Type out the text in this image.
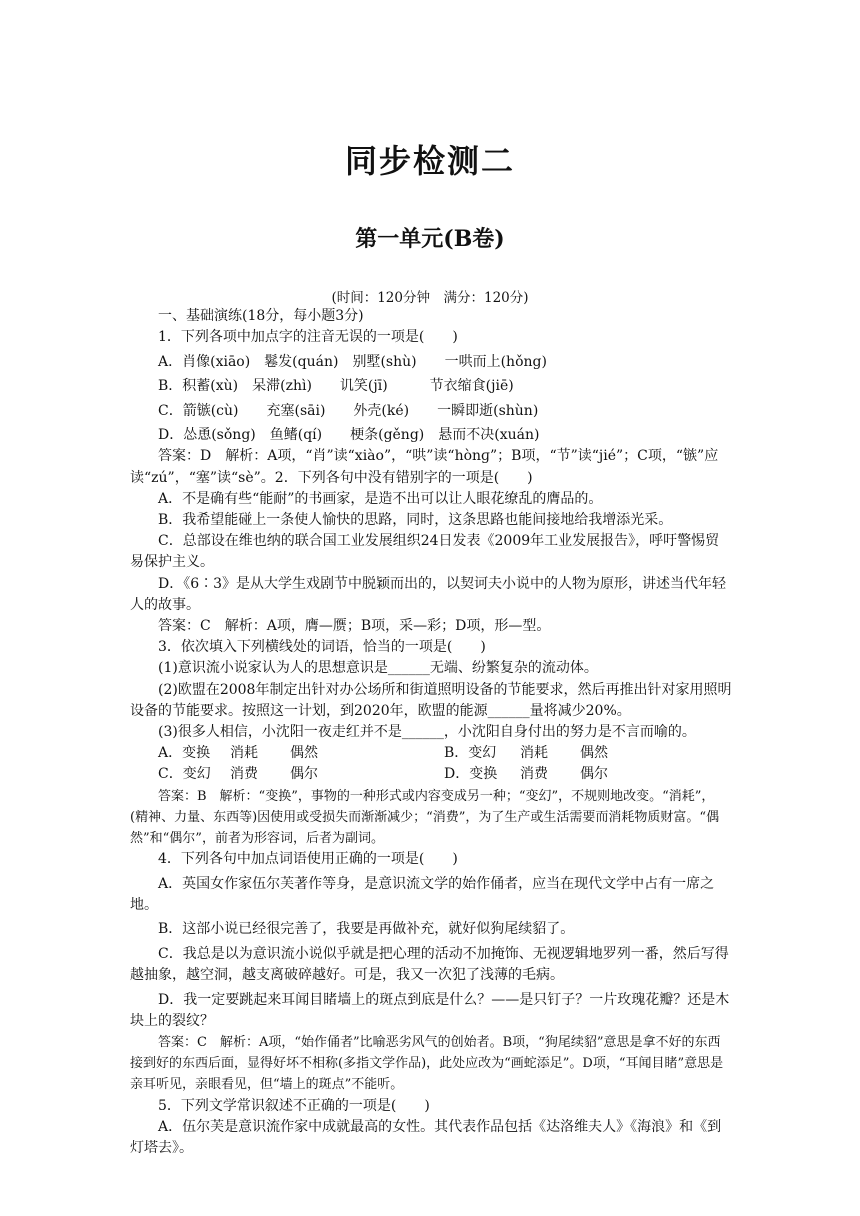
同步检测二
第一单元(B卷)
(时间：120分钟　满分：120分)

一、基础演练(18分，每小题3分)

1．下列各项中加点字的注音无误的一项是(　　)

A．肖像(xiāo)　鬈发(quán)　别墅(shù)　　一哄而上(hǒng)

B．积蓄(xù)　呆滞(zhì)　　讥笑(jī)　　　节衣缩食(jiē)

C．箭镞(cù)　　充塞(sāi)　　外壳(ké)　　一瞬即逝(shùn)

D．怂恿(sǒng)　鱼鳍(qí)　　梗条(gěng)　悬而不决(xuán)

答案：D　解析：A项，“肖”读“xiào”，“哄”读“hònɡ”；B项，“节”读“jié”；C项，“镞”应读“zú”，“塞”读“sè”。2．下列各句中没有错别字的一项是(　　)

A．不是确有些“能耐”的书画家，是造不出可以让人眼花缭乱的膺品的。

B．我希望能碰上一条使人愉快的思路，同时，这条思路也能间接地给我增添光采。

C．总部设在维也纳的联合国工业发展组织24日发表《2009年工业发展报告》，呼吁警惕贸易保护主义。

D．《6∶3》是从大学生戏剧节中脱颖而出的，以契诃夫小说中的人物为原形，讲述当代年轻人的故事。

答案：C　解析：A项，膺—赝；B项，采—彩；D项，形—型。

3．依次填入下列横线处的词语，恰当的一项是(　　)

(1)意识流小说家认为人的思想意识是______无端、纷繁复杂的流动体。

(2)欧盟在2008年制定出针对办公场所和街道照明设备的节能要求，然后再推出针对家用照明设备的节能要求。按照这一计划，到2020年，欧盟的能源______量将减少20%。

(3)很多人相信，小沈阳一夜走红并不是______，小沈阳自身付出的努力是不言而喻的。

A．变换	消耗	偶然	B．变幻	消耗	偶然
C．变幻	消费	偶尔	D．变换	消费	偶尔

答案：B　解析：“变换”，事物的一种形式或内容变成另一种；“变幻”，不规则地改变。“消耗”，(精神、力量、东西等)因使用或受损失而渐渐减少；“消费”，为了生产或生活需要而消耗物质财富。“偶然”和“偶尔”，前者为形容词，后者为副词。

4．下列各句中加点词语使用正确的一项是(　　)

A．英国女作家伍尔芙著作等身，是意识流文学的始作俑者，应当在现代文学中占有一席之地。

B．这部小说已经很完善了，我要是再做补充，就好似狗尾续貂了。

C．我总是以为意识流小说似乎就是把心理的活动不加掩饰、无视逻辑地罗列一番，然后写得越抽象，越空洞，越支离破碎越好。可是，我又一次犯了浅薄的毛病。

D．我一定要跳起来耳闻目睹墙上的斑点到底是什么？——是只钉子？一片玫瑰花瓣？还是木块上的裂纹？

答案：C　解析：A项，“始作俑者”比喻恶劣风气的创始者。B项，“狗尾续貂”意思是拿不好的东西接到好的东西后面，显得好坏不相称(多指文学作品)，此处应改为“画蛇添足”。D项，“耳闻目睹”意思是亲耳听见，亲眼看见，但“墙上的斑点”不能听。

5．下列文学常识叙述不正确的一项是(　　)

A．伍尔芙是意识流作家中成就最高的女性。其代表作品包括《达洛维夫人》《海浪》和《到灯塔去》。
